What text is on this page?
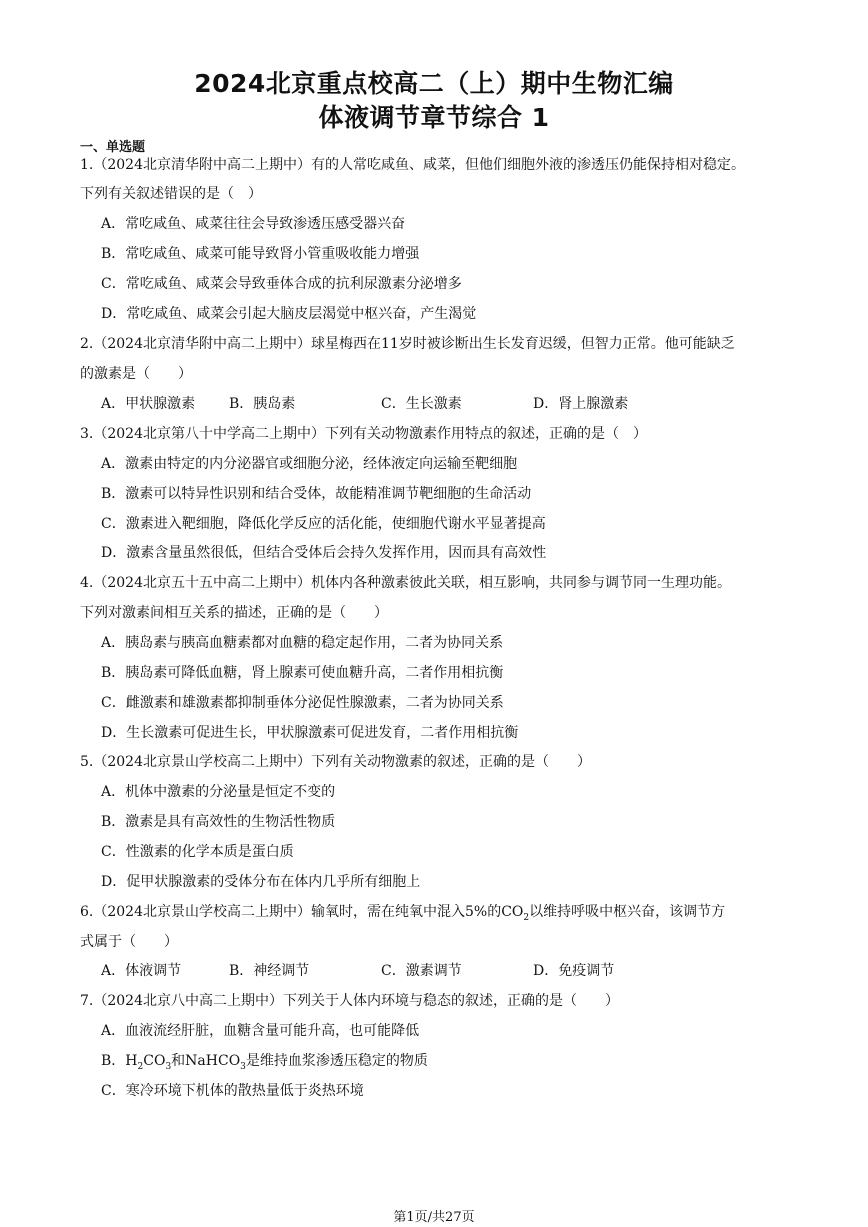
2024北京重点校高二（上）期中生物汇编
体液调节章节综合 1
一、单选题
1.（2024北京清华附中高二上期中）有的人常吃咸鱼、咸菜，但他们细胞外液的渗透压仍能保持相对稳定。
下列有关叙述错误的是（　）
A．常吃咸鱼、咸菜往往会导致渗透压感受器兴奋
B．常吃咸鱼、咸菜可能导致肾小管重吸收能力增强
C．常吃咸鱼、咸菜会导致垂体合成的抗利尿激素分泌增多
D．常吃咸鱼、咸菜会引起大脑皮层渴觉中枢兴奋，产生渴觉
2.（2024北京清华附中高二上期中）球星梅西在11岁时被诊断出生长发育迟缓，但智力正常。他可能缺乏
的激素是（　　）
A．甲状腺激素 B．胰岛素	C．生长激素	D．肾上腺激素
3.（2024北京第八十中学高二上期中）下列有关动物激素作用特点的叙述，正确的是（　）
A．激素由特定的内分泌器官或细胞分泌，经体液定向运输至靶细胞
B．激素可以特异性识别和结合受体，故能精准调节靶细胞的生命活动
C．激素进入靶细胞，降低化学反应的活化能，使细胞代谢水平显著提高
D．激素含量虽然很低，但结合受体后会持久发挥作用，因而具有高效性
4.（2024北京五十五中高二上期中）机体内各种激素彼此关联，相互影响，共同参与调节同一生理功能。
下列对激素间相互关系的描述，正确的是（　　）
A．胰岛素与胰高血糖素都对血糖的稳定起作用，二者为协同关系
B．胰岛素可降低血糖，肾上腺素可使血糖升高，二者作用相抗衡
C．雌激素和雄激素都抑制垂体分泌促性腺激素，二者为协同关系
D．生长激素可促进生长，甲状腺激素可促进发育，二者作用相抗衡
5.（2024北京景山学校高二上期中）下列有关动物激素的叙述，正确的是（　　）
A．机体中激素的分泌量是恒定不变的
B．激素是具有高效性的生物活性物质
C．性激素的化学本质是蛋白质
D．促甲状腺激素的受体分布在体内几乎所有细胞上
6.（2024北京景山学校高二上期中）输氧时，需在纯氧中混入5%的$CO_2$以维持呼吸中枢兴奋，该调节方
式属于（　　）
A．体液调节	B．神经调节	C．激素调节	D．免疫调节
7.（2024北京八中高二上期中）下列关于人体内环境与稳态的叙述，正确的是（　　）
A．血液流经肝脏，血糖含量可能升高，也可能降低
B．$H_2CO_3$和NaHCO$_3$是维持血浆渗透压稳定的物质
C．寒冷环境下机体的散热量低于炎热环境
第1页/共27页
